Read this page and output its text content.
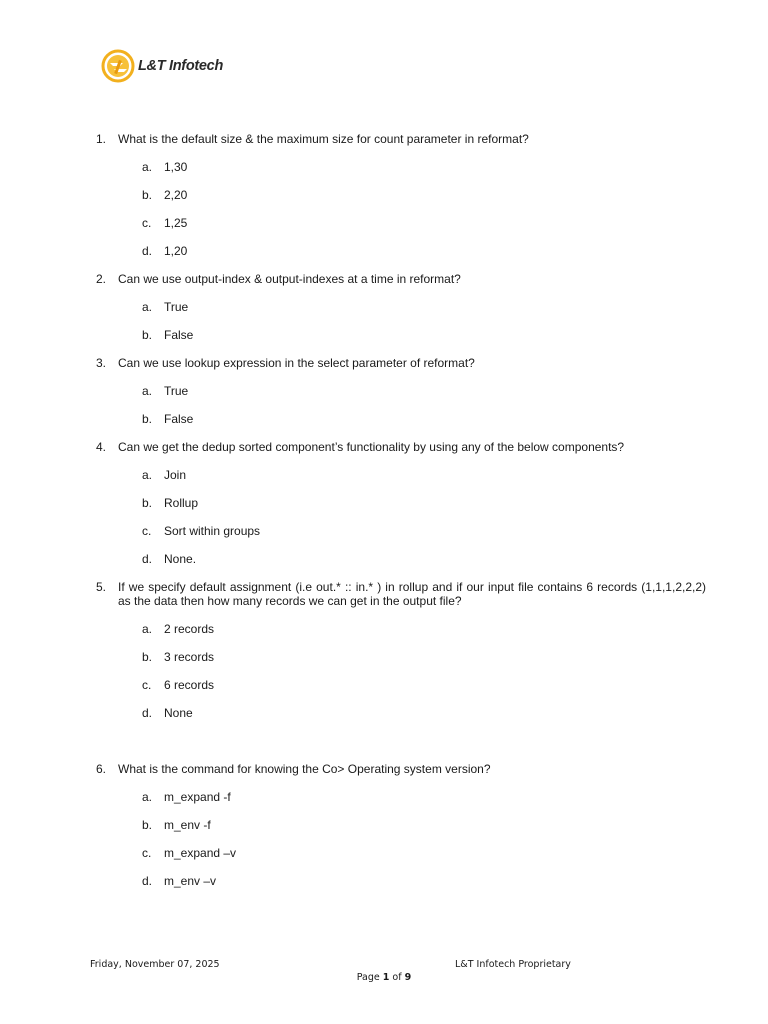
L&T Infotech
1. What is the default size & the maximum size for count parameter in reformat?
a. 1,30
b. 2,20
c.	1,25
d. 1,20
2. Can we use output-index & output-indexes at a time in reformat?
a. True
b. False
3. Can we use lookup expression in the select parameter of reformat?
a. True
b. False
4. Can we get the dedup sorted component’s functionality by using any of the below components?
a. Join
b. Rollup
c.	Sort within groups
d. None.
5. If we specify default assignment (i.e out.* :: in.* ) in rollup and if our input file contains 6 records (1,1,1,2,2,2) as the data then how many records we can get in the output file?
a. 2 records
b. 3 records
c.	6 records
d. None
6. What is the command for knowing the Co> Operating system version?
a. m_expand -f
b. m_env -f
c.	m_expand –v
d. m_env –v
Friday, November 07, 2025	L&T Infotech Proprietary
Page 1 of 9
